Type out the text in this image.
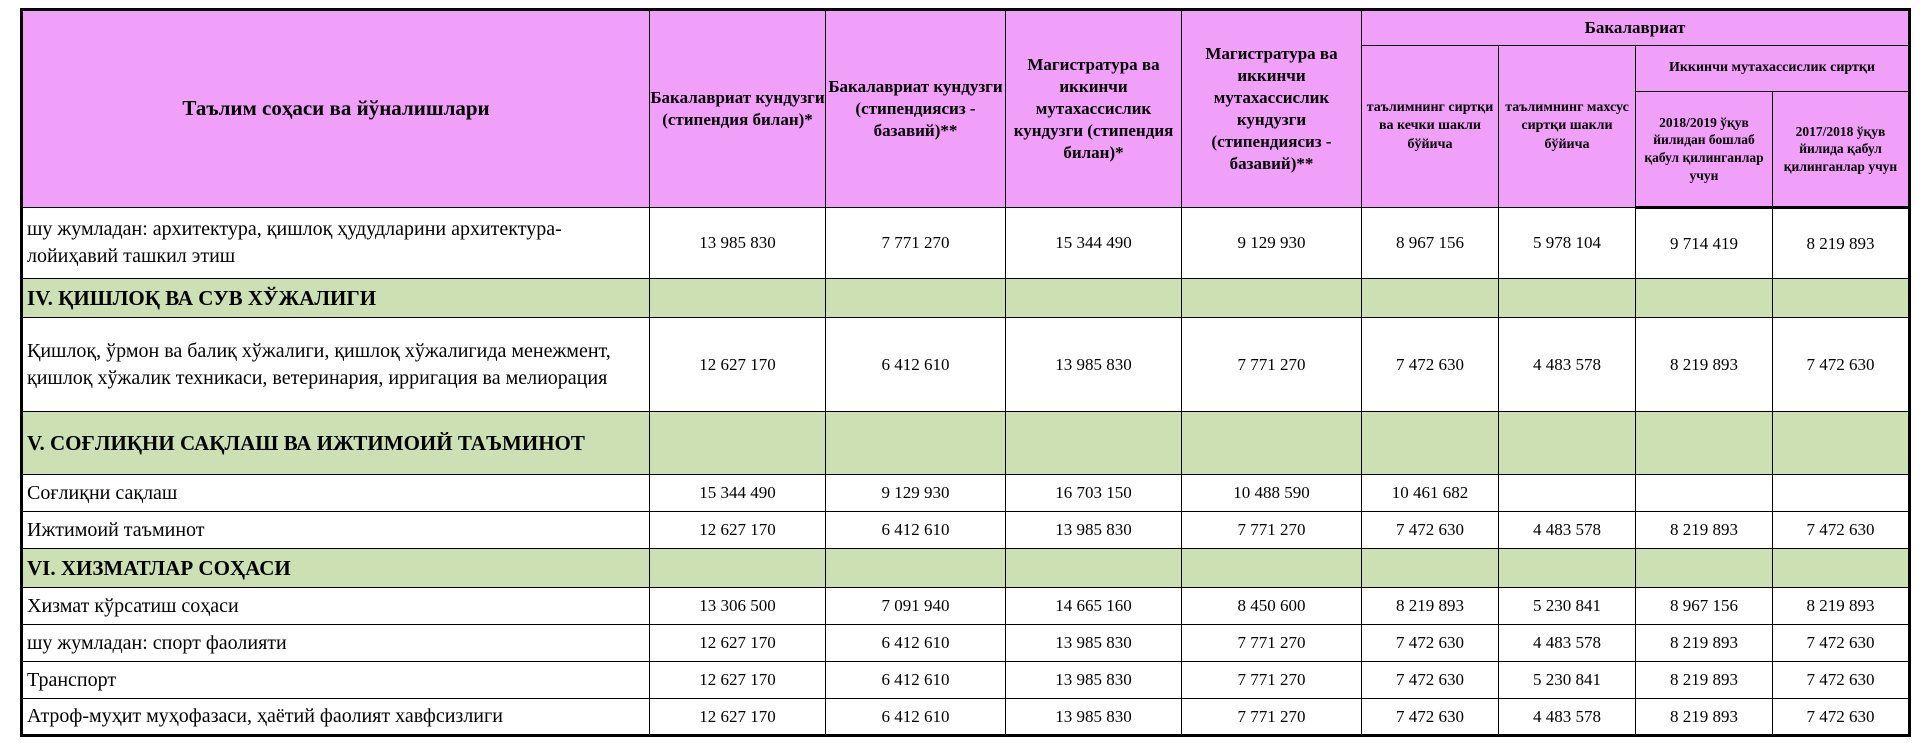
Таълим соҳаси ва йўналишлари	Бакалавриат кундузги (стипендия билан)*	Бакалавриат кундузги (стипендиясиз - базавий)**	Магистратура ва иккинчи мутахассислик кундузги (стипендия билан)*	Магистратура ва иккинчи мутахассислик кундузги (стипендиясиз - базавий)**	Бакалавриат			
					таълимнинг сиртқи ва кечки шакли бўйича	таълимнинг махсус сиртқи шакли бўйича	Иккинчи мутахассислик сиртқи	
							2018/2019 ўқув йилидан бошлаб қабул қилинганлар учун	2017/2018 ўқув йилида қабул қилинганлар учун
шу жумладан: архитектура, қишлоқ ҳудудларини архитектура-лойиҳавий ташкил этиш	13 985 830	7 771 270	15 344 490	9 129 930	8 967 156	5 978 104	9 714 419	8 219 893
IV. ҚИШЛОҚ ВА СУВ ХЎЖАЛИГИ								
Қишлоқ, ўрмон ва балиқ хўжалиги, қишлоқ хўжалигида менежмент, қишлоқ хўжалик техникаси, ветеринария, ирригация ва мелиорация	12 627 170	6 412 610	13 985 830	7 771 270	7 472 630	4 483 578	8 219 893	7 472 630
V. СОҒЛИҚНИ САҚЛАШ ВА ИЖТИМОИЙ ТАЪМИНОТ								
Соғлиқни сақлаш	15 344 490	9 129 930	16 703 150	10 488 590	10 461 682			
Ижтимоий таъминот	12 627 170	6 412 610	13 985 830	7 771 270	7 472 630	4 483 578	8 219 893	7 472 630
VI. ХИЗМАТЛАР СОҲАСИ								
Хизмат кўрсатиш соҳаси	13 306 500	7 091 940	14 665 160	8 450 600	8 219 893	5 230 841	8 967 156	8 219 893
шу жумладан: спорт фаолияти	12 627 170	6 412 610	13 985 830	7 771 270	7 472 630	4 483 578	8 219 893	7 472 630
Транспорт	12 627 170	6 412 610	13 985 830	7 771 270	7 472 630	5 230 841	8 219 893	7 472 630
Атроф-муҳит муҳофазаси, ҳаётий фаолият хавфсизлиги	12 627 170	6 412 610	13 985 830	7 771 270	7 472 630	4 483 578	8 219 893	7 472 630
